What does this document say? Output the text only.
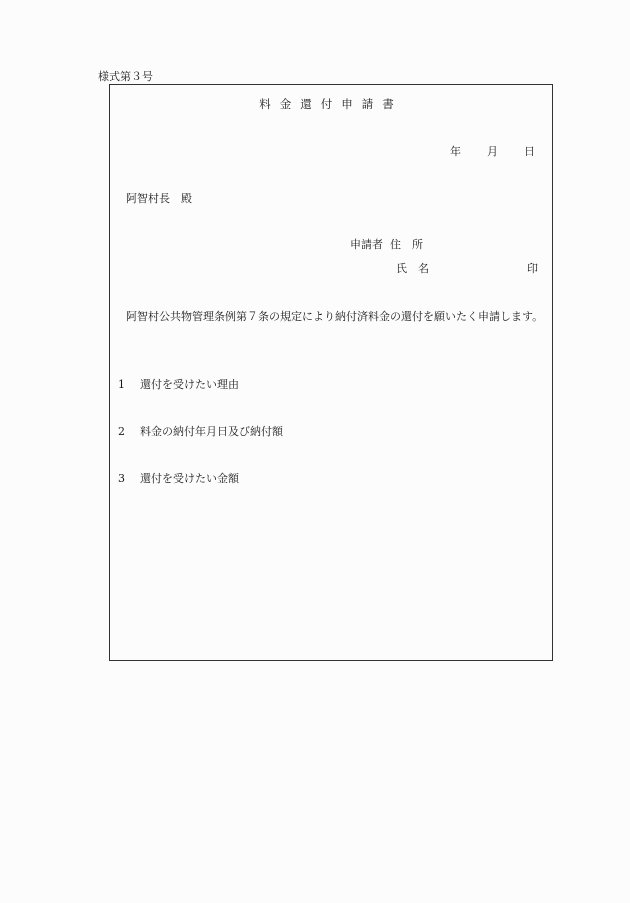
様式第３号
料金還付申請書
年 月 日
阿智村長　殿
申請者 住　所
氏　名	印
阿智村公共物管理条例第７条の規定により納付済料金の還付を願いたく申請します。
1 還付を受けたい理由
2 料金の納付年月日及び納付額
3 還付を受けたい金額
